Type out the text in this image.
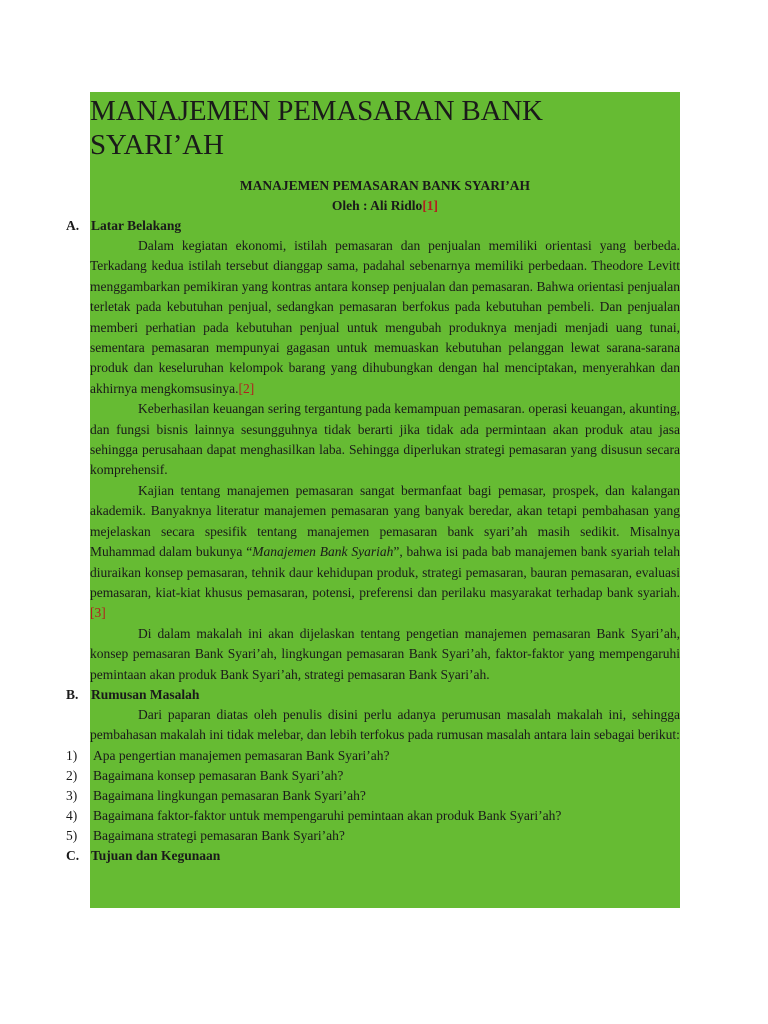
MANAJEMEN PEMASARAN BANK SYARI’AH
MANAJEMEN PEMASARAN BANK SYARI’AH
Oleh : Ali Ridlo[1]
A. Latar Belakang

Dalam kegiatan ekonomi, istilah pemasaran dan penjualan memiliki orientasi yang berbeda. Terkadang kedua istilah tersebut dianggap sama, padahal sebenarnya memiliki perbedaan. Theodore Levitt menggambarkan pemikiran yang kontras antara konsep penjualan dan pemasaran. Bahwa orientasi penjualan terletak pada kebutuhan penjual, sedangkan pemasaran berfokus pada kebutuhan pembeli. Dan penjualan memberi perhatian pada kebutuhan penjual untuk mengubah produknya menjadi menjadi uang tunai, sementara pemasaran mempunyai gagasan untuk memuaskan kebutuhan pelanggan lewat sarana-sarana produk dan keseluruhan kelompok barang yang dihubungkan dengan hal menciptakan, menyerahkan dan akhirnya mengkomsusinya.[2]

Keberhasilan keuangan sering tergantung pada kemampuan pemasaran. operasi keuangan, akunting, dan fungsi bisnis lainnya sesungguhnya tidak berarti jika tidak ada permintaan akan produk atau jasa sehingga perusahaan dapat menghasilkan laba. Sehingga diperlukan strategi pemasaran yang disusun secara komprehensif.

Kajian tentang manajemen pemasaran sangat bermanfaat bagi pemasar, prospek, dan kalangan akademik. Banyaknya literatur manajemen pemasaran yang banyak beredar, akan tetapi pembahasan yang mejelaskan secara spesifik tentang manajemen pemasaran bank syari’ah masih sedikit. Misalnya Muhammad dalam bukunya “Manajemen Bank Syariah”, bahwa isi pada bab manajemen bank syariah telah diuraikan konsep pemasaran, tehnik daur kehidupan produk, strategi pemasaran, bauran pemasaran, evaluasi pemasaran, kiat-kiat khusus pemasaran, potensi, preferensi dan perilaku masyarakat terhadap bank syariah.[3]

Di dalam makalah ini akan dijelaskan tentang pengetian manajemen pemasaran Bank Syari’ah, konsep pemasaran Bank Syari’ah, lingkungan pemasaran Bank Syari’ah, faktor-faktor yang mempengaruhi pemintaan akan produk Bank Syari’ah, strategi pemasaran Bank Syari’ah.

B. Rumusan Masalah

Dari paparan diatas oleh penulis disini perlu adanya perumusan masalah makalah ini, sehingga pembahasan makalah ini tidak melebar, dan lebih terfokus pada rumusan masalah antara lain sebagai berikut:

1) Apa pengertian manajemen pemasaran Bank Syari’ah?
2) Bagaimana konsep pemasaran Bank Syari’ah?
3) Bagaimana lingkungan pemasaran Bank Syari’ah?
4) Bagaimana faktor-faktor untuk mempengaruhi pemintaan akan produk Bank Syari’ah?
5) Bagaimana strategi pemasaran Bank Syari’ah?
C. Tujuan dan Kegunaan
